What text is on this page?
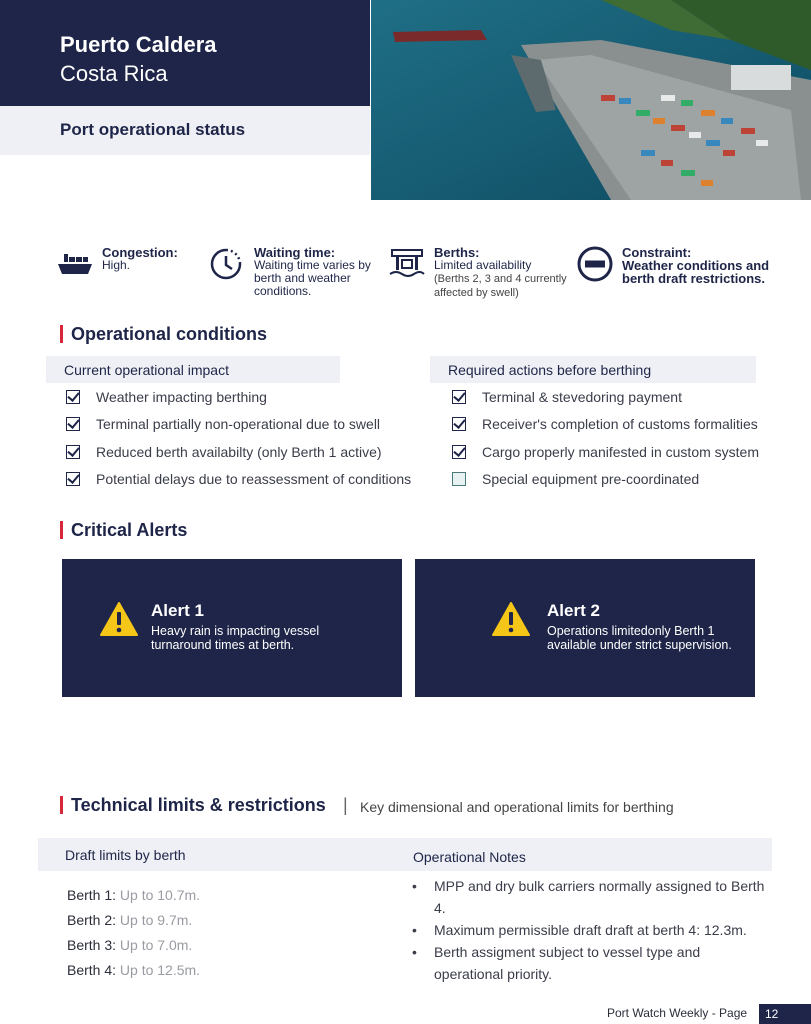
Puerto Caldera
Costa Rica
Port operational status
Congestion:
High.
Waiting time:
Waiting time varies by berth and weather conditions.
Berths:
Limited availability
(Berths 2, 3 and 4 currently affected by swell)
Constraint:
Weather conditions and berth draft restrictions.
Operational conditions
Current operational impact	Required actions before berthing
Weather impacting berthing
Terminal partially non-operational due to swell
Reduced berth availabilty (only Berth 1 active)
Potential delays due to reassessment of conditions
Terminal & stevedoring payment
Receiver's completion of customs formalities
Cargo properly manifested in custom system
Special equipment pre-coordinated
Critical Alerts
Alert 1
Heavy rain is impacting vessel turnaround times at berth.
Alert 2
Operations limitedonly Berth 1 available under strict supervision.
Technical limits & restrictions | Key dimensional and operational limits for berthing
Draft limits by berth	Operational Notes
Berth 1: Up to 10.7m.
Berth 2: Up to 9.7m.
Berth 3: Up to 7.0m.
Berth 4: Up to 12.5m.
• MPP and dry bulk carriers normally assigned to Berth 4.
• Maximum permissible draft draft at berth 4: 12.3m.
• Berth assigment subject to vessel type and operational priority.
Port Watch Weekly - Page	12
